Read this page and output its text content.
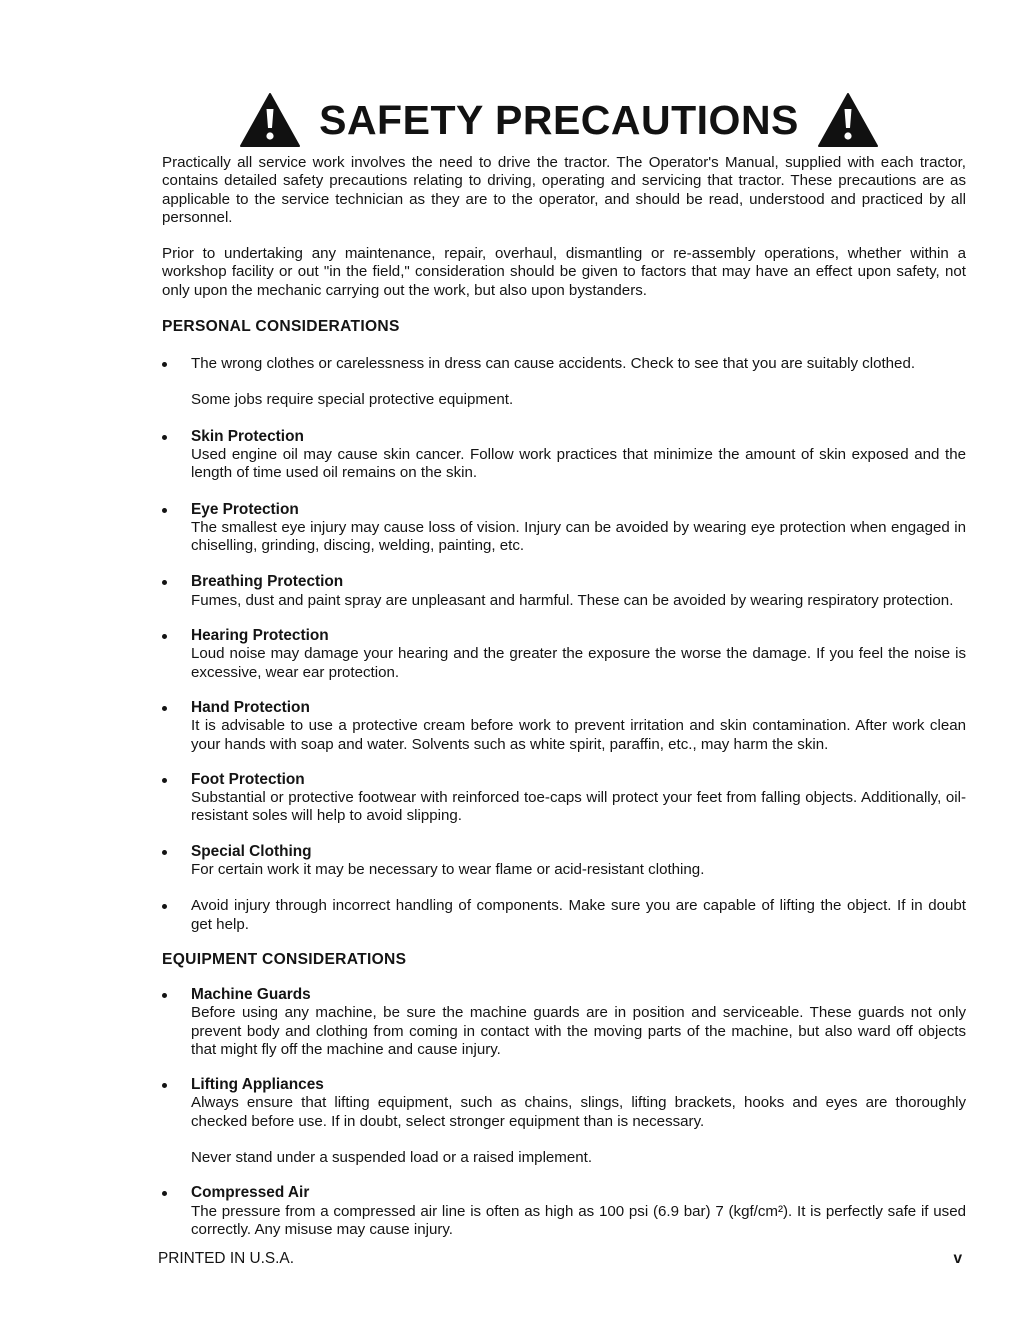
SAFETY PRECAUTIONS

Practically all service work involves the need to drive the tractor. The Operator's Manual, supplied with each tractor, contains detailed safety precautions relating to driving, operating and servicing that tractor. These precautions are as applicable to the service technician as they are to the operator, and should be read, understood and practiced by all personnel.

Prior to undertaking any maintenance, repair, overhaul, dismantling or re-assembly operations, whether within a workshop facility or out "in the field," consideration should be given to factors that may have an effect upon safety, not only upon the mechanic carrying out the work, but also upon bystanders.

PERSONAL CONSIDERATIONS
The wrong clothes or carelessness in dress can cause accidents. Check to see that you are suitably clothed.
Some jobs require special protective equipment.
Skin Protection
Used engine oil may cause skin cancer. Follow work practices that minimize the amount of skin exposed and the length of time used oil remains on the skin.
Eye Protection
The smallest eye injury may cause loss of vision. Injury can be avoided by wearing eye protection when engaged in chiselling, grinding, discing, welding, painting, etc.
Breathing Protection
Fumes, dust and paint spray are unpleasant and harmful. These can be avoided by wearing respiratory protection.
Hearing Protection
Loud noise may damage your hearing and the greater the exposure the worse the damage. If you feel the noise is excessive, wear ear protection.
Hand Protection
It is advisable to use a protective cream before work to prevent irritation and skin contamination. After work clean your hands with soap and water. Solvents such as white spirit, paraffin, etc., may harm the skin.
Foot Protection
Substantial or protective footwear with reinforced toe-caps will protect your feet from falling objects. Additionally, oil-resistant soles will help to avoid slipping.
Special Clothing
For certain work it may be necessary to wear flame or acid-resistant clothing.
Avoid injury through incorrect handling of components. Make sure you are capable of lifting the object. If in doubt get help.
EQUIPMENT CONSIDERATIONS
Machine Guards
Before using any machine, be sure the machine guards are in position and serviceable. These guards not only prevent body and clothing from coming in contact with the moving parts of the machine, but also ward off objects that might fly off the machine and cause injury.
Lifting Appliances
Always ensure that lifting equipment, such as chains, slings, lifting brackets, hooks and eyes are thoroughly checked before use. If in doubt, select stronger equipment than is necessary.
Never stand under a suspended load or a raised implement.
Compressed Air
The pressure from a compressed air line is often as high as 100 psi (6.9 bar) 7 (kgf/cm²). It is perfectly safe if used correctly. Any misuse may cause injury.
PRINTED IN U.S.A.	v
